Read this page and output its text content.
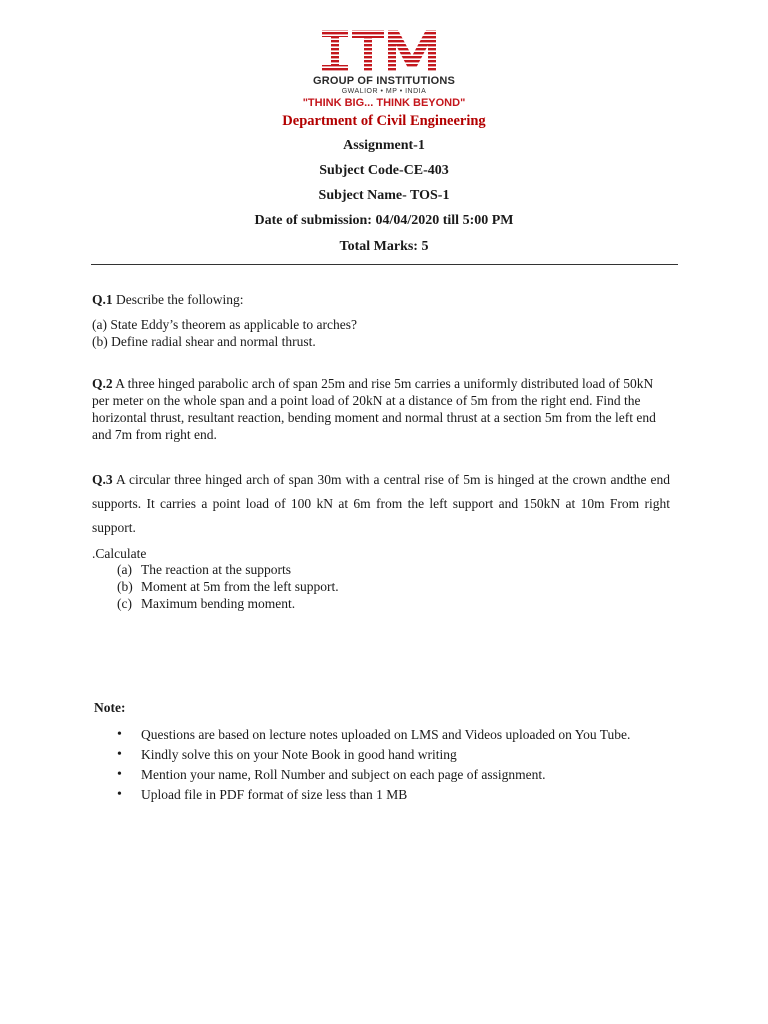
GROUP OF INSTITUTIONS
GWALIOR • MP • INDIA
"THINK BIG... THINK BEYOND"
Department of Civil Engineering
Assignment-1
Subject Code-CE-403
Subject Name- TOS-1
Date of submission: 04/04/2020 till 5:00 PM
Total Marks: 5
Q.1 Describe the following:
(a) State Eddy’s theorem as applicable to arches?
(b) Define radial shear and normal thrust.
Q.2 A three hinged parabolic arch of span 25m and rise 5m carries a uniformly distributed load of 50kN per meter on the whole span and a point load of 20kN at a distance of 5m from the right end. Find the horizontal thrust, resultant reaction, bending moment and normal thrust at a section 5m from the left end and 7m from right end.
Q.3 A circular three hinged arch of span 30m with a central rise of 5m is hinged at the crown andthe end supports. It carries a point load of 100 kN at 6m from the left support and 150kN at 10m From right support.
.Calculate
(a) The reaction at the supports
(b) Moment at 5m from the left support.
(c) Maximum bending moment.
Note:
•	Questions are based on lecture notes uploaded on LMS and Videos uploaded on You Tube.
•	Kindly solve this on your Note Book in good hand writing
•	Mention your name, Roll Number and subject on each page of assignment.
•	Upload file in PDF format of size less than 1 MB
